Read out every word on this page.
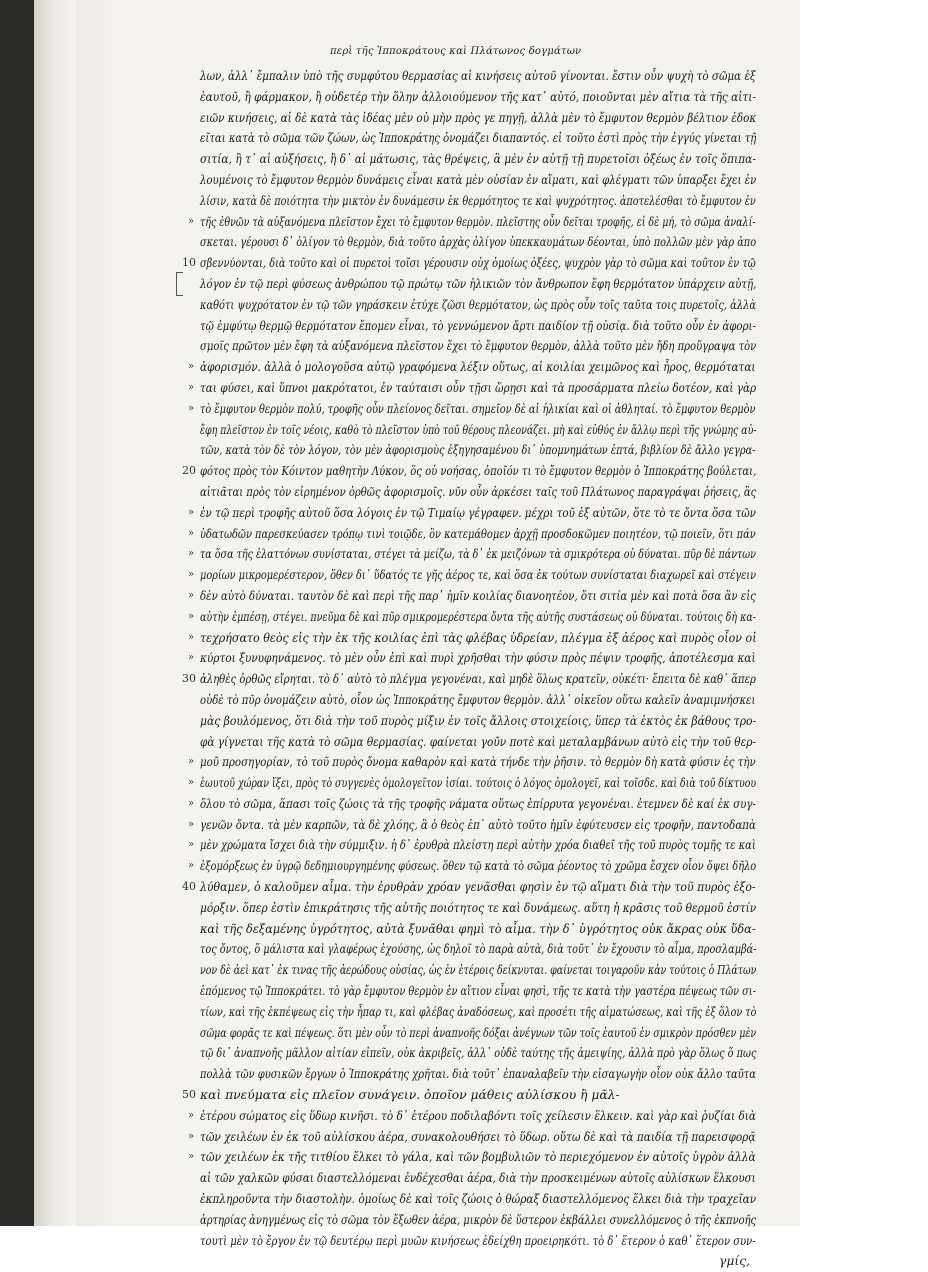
περὶ τῆς Ἱπποκράτους καὶ Πλάτωνος δογμάτων
λων, ἀλλ᾽ ἔμπαλιν ὑπὸ τῆς συμφύτου θερμασίας αἱ κινήσεις αὐτοῦ γίνονται. ἔστιν οὖν ψυχὴ τὸ σῶμα ἐξ
ἑαυτοῦ, ἢ φάρμακον, ἢ οὐδετέρ τὴν ὅλην ἀλλοιούμενον τῆς κατ᾽ αὐτό, ποιοῦνται μὲν αἴτια τὰ τῆς αἰτι-
ειῶν κινήσεις, αἱ δὲ κατὰ τὰς ἰδέας μὲν οὐ μὴν πρὸς γε πηγῇ, ἀλλὰ μὲν τὸ ἔμφυτον θερμὸν βέλτιον ἐδοκ
εῖται κατὰ τὸ σῶμα τῶν ζώων, ὡς Ἱπποκράτης ὀνομάζει διαπαντός. εἰ τοῦτο ἐστὶ πρὸς τὴν ἐγγύς γίνεται τῇ
σιτία, ἢ τ᾽ αἱ αὐξήσεις, ἢ δ᾽ αἱ μάτωσις, τὰς θρέψεις, ἃ μὲν ἐν αὐτῇ τῇ πυρετοῖσι ὀξέως ἐν τοῖς ὅπιπα-
λουμένοις τὸ ἔμφυτον θερμὸν δυνάμεις εἶναι κατὰ μὲν οὐσίαν ἐν αἵματι, καὶ φλέγματι τῶν ὑπαρξει ἔχει ἐν
λίσιν, κατὰ δὲ ποιότητα τὴν μικτὸν ἐν δυνάμεσιν ἐκ θερμότητος τε καὶ ψυχρότητος. ἀποτελέσθαι τὸ ἔμφυτον ἐν
» τῆς ἐθνῶν τὰ αὐξανόμενα πλεῖστον ἔχει τὸ ἔμφυτον θερμὸν. πλεῖστης οὖν δεῖται τροφῆς, εἰ δὲ μή, τὸ σῶμα ἀναλί-
σκεται. γέρουσι δ᾽ ὀλίγον τὸ θερμὸν, διὰ τοῦτο ἀρχὰς ὀλίγον ὑπεκκαυμάτων δέονται, ὑπὸ πολλῶν μὲν γὰρ ἀπο
10 σβεννύονται, διὰ τοῦτο καὶ οἱ πυρετοὶ τοῖσι γέρουσιν οὐχ ὁμοίως ὀξέες, ψυχρὸν γὰρ τὸ σῶμα καὶ τοῦτον ἐν τῷ
λόγον ἐν τῷ περὶ φύσεως ἀνθρώπου τῷ πρώτῳ τῶν ἡλικιῶν τὸν ἄνθρωπον ἔφη θερμότατον ὑπάρχειν αὐτῇ,
καθότι ψυχρότατον ἐν τῷ τῶν γηράσκειν ἐτύχε ζῶσι θερμότατον, ὡς πρὸς οὖν τοῖς ταῦτα τοις πυρετοῖς, ἀλλὰ
τῷ ἐμφύτῳ θερμῷ θερμότατον ἔπομεν εἶναι, τὸ γεννώμενον ἄρτι παιδίον τῇ οὐσίᾳ. διὰ τοῦτο οὖν ἐν ἀφορι-
σμοῖς πρῶτον μὲν ἔφη τὰ αὐξανόμενα πλεῖστον ἔχει τὸ ἔμφυτον θερμὸν, ἀλλὰ τοῦτο μὲν ἤδη προὔγραψα τὸν
» ἀφορισμόν. ἀλλὰ ὁ μολογοῦσα αὐτῷ γραφόμενα λέξιν οὕτως, αἱ κοιλίαι χειμῶνος καὶ ἦρος, θερμόταται
» ται φύσει, καὶ ὕπνοι μακρότατοι, ἐν ταύταισι οὖν τῇσι ὥρῃσι καὶ τὰ προσάρματα πλείω δοτέον, καὶ γὰρ
» τὸ ἔμφυτον θερμὸν πολύ, τροφῆς οὖν πλείονος δεῖται. σημεῖον δὲ αἱ ἡλικίαι καὶ οἱ ἀθληταί. τὸ ἔμφυτον θερμὸν
ἔφη πλεῖστον ἐν τοῖς νέοις, καθὸ τὸ πλεῖστον ὑπὸ τοῦ θέρους πλεονάζει. μὴ καὶ εὐθύς ἐν ἄλλῳ περὶ τῆς γνώμης αὐ-
τῶν, κατὰ τὸν δὲ τὸν λόγον, τὸν μὲν ἀφορισμοὺς ἐξηγησαμένου δι᾽ ὑπομνημάτων ἐπτά, βιβλίον δὲ ἄλλο γεγρα-
20 φότος πρὸς τὸν Κόιντον μαθητὴν Λύκον, ὅς οὐ νοήσας, ὁποῖόν τι τὸ ἔμφυτον θερμὸν ὁ Ἱπποκράτης βούλεται,
αἰτιᾶται πρὸς τὸν εἰρημένον ὀρθῶς ἀφορισμοῖς. νῦν οὖν ἀρκέσει ταῖς τοῦ Πλάτωνος παραγράψαι ῥήσεις, ἃς
» ἐν τῷ περὶ τροφῆς αὐτοῦ ὅσα λόγοις ἐν τῷ Τιμαίῳ γέγραφεν. μέχρι τοῦ ἐξ αὐτῶν, ὅτε τὸ τε ὄντα ὅσα τῶν
» ὑδατωδῶν παρεσκεύασεν τρόπῳ τινὶ τοιῷδε, ὃν κατεμάθομεν ἀρχῇ προσδοκῶμεν ποιητέον, τῷ ποιεῖν, ὅτι πάν
» τα ὅσα τῆς ἐλαττόνων συνίσταται, στέγει τὰ μείζω, τὰ δ᾽ ἐκ μειζόνων τὰ σμικρότερα οὐ δύναται. πῦρ δὲ πάντων
» μορίων μικρομερέστερον, ὅθεν δι᾽ ὕδατός τε γῆς ἀέρος τε, καὶ ὅσα ἐκ τούτων συνίσταται διαχωρεῖ καὶ στέγειν
» δὲν αὐτὸ δύναται. ταυτὸν δὲ καὶ περὶ τῆς παρ᾽ ἡμῖν κοιλίας διανοητέον, ὅτι σιτία μὲν καὶ ποτὰ ὅσα ἂν εἰς
» αὐτὴν ἐμπέσῃ, στέγει. πνεῦμα δὲ καὶ πῦρ σμικρομερέστερα ὄντα τῆς αὐτῆς συστάσεως οὐ δύναται. τούτοις δὴ κα-
» τεχρήσατο θεὸς εἰς τὴν ἐκ τῆς κοιλίας ἐπὶ τὰς φλέβας ὑδρείαν, πλέγμα ἐξ ἀέρος καὶ πυρὸς οἷον οἱ
» κύρτοι ξυνυφηνάμενος. τὸ μὲν οὖν ἐπὶ καὶ πυρὶ χρῆσθαι τὴν φύσιν πρὸς πέψιν τροφῆς, ἀποτέλεσμα καὶ
30 ἀληθὲς ὀρθῶς εἴρηται. τὸ δ᾽ αὐτὸ τὸ πλέγμα γεγονέναι, καὶ μηδὲ ὅλως κρατεῖν, οὐκέτι· ἔπειτα δὲ καθ᾽ ἅπερ
οὐδὲ τὸ πῦρ ὀνομάζειν αὐτὸ, οἷον ὡς Ἱπποκράτης ἔμφυτον θερμὸν. ἀλλ᾽ οἰκεῖον οὕτω καλεῖν ἀναμιμνήσκει
μὰς βουλόμενος, ὅτι διὰ τὴν τοῦ πυρὸς μίξιν ἐν τοῖς ἄλλοις στοιχείοις, ὕπερ τὰ ἐκτὸς ἐκ βάθους τρο-
φὰ γίγνεται τῆς κατὰ τὸ σῶμα θερμασίας. φαίνεται γοῦν ποτὲ καὶ μεταλαμβάνων αὐτὸ εἰς τὴν τοῦ θερ-
» μοῦ προσηγορίαν, τὸ τοῦ πυρὸς ὄνομα καθαρὸν καὶ κατὰ τήνδε τὴν ῥῆσιν. τὸ θερμὸν δὴ κατὰ φύσιν ἐς τὴν
» ἑωυτοῦ χώραν ἴξει, πρὸς τὸ συγγενὲς ὁμολογεῖτον ἰσίαι. τούτοις ὁ λόγος ὁμολογεῖ, καὶ τοῖσδε. καὶ διὰ τοῦ δίκτυου
» ὅλου τὸ σῶμα, ἅπασι τοῖς ζώοις τὰ τῆς τροφῆς νάματα οὕτως ἐπίρρυτα γεγονέναι. ἐτεμνεν δὲ καί ἐκ συγ-
» γενῶν ὄντα. τὰ μὲν καρπῶν, τὰ δὲ χλόης, ἃ ὁ θεὸς ἐπ᾽ αὐτὸ τοῦτο ἡμῖν ἐφύτευσεν εἰς τροφῆν, παντοδαπὰ
» μὲν χρώματα ἴσχει διὰ τὴν σύμμιξιν. ἡ δ᾽ ἐρυθρὰ πλείστη περὶ αὐτὴν χρόα διαθεῖ τῆς τοῦ πυρὸς τομῆς τε καὶ
» ἐξομόρξεως ἐν ὑγρῷ δεδημιουργημένης φύσεως. ὅθεν τῷ κατὰ τὸ σῶμα ῥέοντος τὸ χρῶμα ἔσχεν οἷον ὄψει δῆλο
40 λύθαμεν, ὁ καλοῦμεν αἷμα. τὴν ἐρυθρὰν χρόαν γενᾶσθαι φησὶν ἐν τῷ αἵματι διὰ τὴν τοῦ πυρὸς ἐξο-
μόρξιν. ὅπερ ἐστὶν ἐπικράτησις τῆς αὐτῆς ποιότητος τε καὶ δυνάμεως. αὕτη ἡ κρᾶσις τοῦ θερμοῦ ἐστίν
καὶ τῆς δεξαμένης ὑγρότητος, αὐτὰ ξυνᾶθαι φημὶ τὸ αἷμα. τὴν δ᾽ ὑγρότητος οὐκ ἄκρας οὐκ ὕδα-
τος ὄντος, ὅ μάλιστα καὶ γλαφέρως ἐχούσης, ὡς δηλοῖ τὸ παρὰ αὐτὰ, διὰ τοῦτ᾽ ἐν ἔχουσιν τὸ αἷμα, προσλαμβά-
νον δὲ ἀεὶ κατ᾽ ἐκ τινας τῆς ἀερώδους οὐσίας, ὡς ἐν ἑτέροις δείκνυται. φαίνεται τοιγαροῦν κἀν τούτοις ὁ Πλάτων
ἑπόμενος τῷ Ἱπποκράτει. τὸ γὰρ ἔμφυτον θερμὸν ἐν αἵτιον εἶναι φησὶ, τῆς τε κατὰ τὴν γαστέρα πέψεως τῶν σι-
τίων, καὶ τῆς ἐκπέψεως εἰς τὴν ἧπαρ τι, καὶ φλέβας ἀναδόσεως, καὶ προσέτι τῆς αἱματώσεως, καὶ τῆς ἐξ ὅλον τὸ
σῶμα φορᾶς τε καὶ πέψεως. ὅτι μὲν οὖν τὸ περὶ ἀναπνοῆς δόξαι ἀνέγνων τῶν τοῖς ἑαυτοῦ ἐν σμικρὸν πρόσθεν μὲν
τῷ δι᾽ ἀναπνοῆς μᾶλλον αἰτίαν εἰπεῖν, οὐκ ἀκριβεῖς, ἀλλ᾽ οὐδὲ ταύτης τῆς ἀμειψίης, ἀλλὰ πρὸ γὰρ ὅλως ὅ πως
πολλὰ τῶν φυσικῶν ἔργων ὁ Ἱπποκράτης χρῆται. διὰ τοῦτ᾽ ἐπαναλαβεῖν τὴν εἰσαγωγὴν οἷον οὐκ ἄλλο ταῦτα
50 καὶ πνεύματα εἰς πλεῖον συνάγειν. ὁποῖον μάθεις αὐλίσκου ἢ μᾶλ-
» ἑτέρου σώματος εἰς ὕδωρ κινῆσι. τὸ δ᾽ ἑτέρου ποδιλαβόντι τοῖς χείλεσιν ἕλκειν. καὶ γὰρ καὶ ῥυζίαι διὰ
» τῶν χειλέων ἐν ἐκ τοῦ αὐλίσκου ἀέρα, συνακολουθήσει τὸ ὕδωρ. οὕτω δὲ καὶ τὰ παιδία τῇ παρεισφορᾷ
» τῶν χειλέων ἐκ τῆς τιτθίου ἕλκει τὸ γάλα, καὶ τῶν βομβυλιῶν τὸ περιεχόμενον ἐν αὐτοῖς ὑγρὸν ἀλλὰ
αἱ τῶν χαλκῶν φύσαι διαστελλόμεναι ἐνδέχεσθαι ἀέρα, διὰ τὴν προσκειμένων αὐτοῖς αὐλίσκων ἕλκουσι
ἐκπληροῦντα τὴν διαστολὴν. ὁμοίως δὲ καὶ τοῖς ζώοις ὁ θώραξ διαστελλόμενος ἕλκει διὰ τὴν τραχεῖαν
ἀρτηρίας ἀνηγμένως εἰς τὸ σῶμα τὸν ἔξωθεν ἀέρα, μικρὸν δὲ ὕστερον ἐκβάλλει συνελλόμενος ὁ τῆς ἐκπνοῆς
τουτὶ μὲν τὸ ἔργον ἐν τῷ δευτέρῳ περὶ μυῶν κινήσεως ἐδείχθη προειρηκότι. τὸ δ᾽ ἕτερον ὁ καθ᾽ ἕτερον συν-
γμίς,
